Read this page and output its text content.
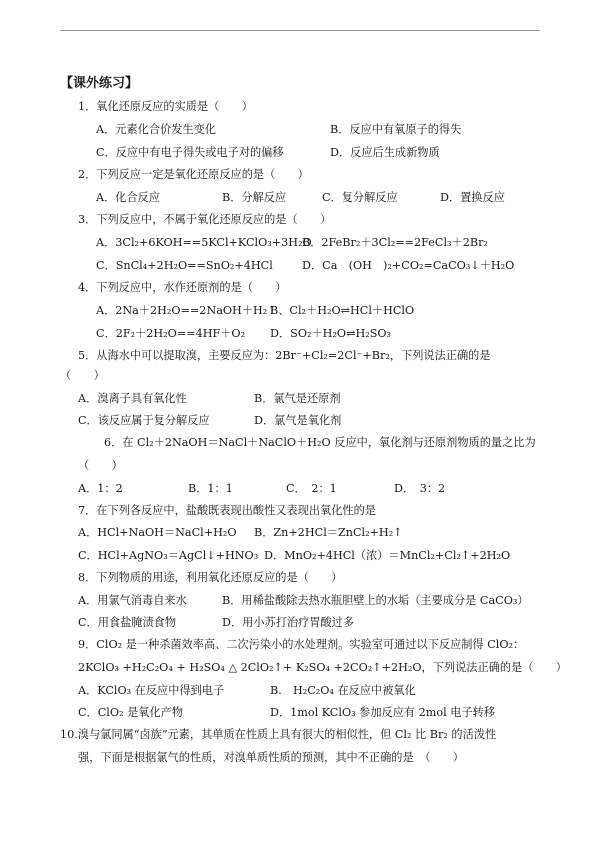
【课外练习】
1．氧化还原反应的实质是（　　）
A．元素化合价发生变化	B．反应中有氧原子的得失
C．反应中有电子得失或电子对的偏移	D．反应后生成新物质
2．下列反应一定是氧化还原反应的是（　　）
A．化合反应	B．分解反应	C．复分解反应	D．置换反应
3．下列反应中，不属于氧化还原反应的是（　　）
A．3Cl₂+6KOH==5KCl+KClO₃+3H₂O
B．2FeBr₂＋3Cl₂==2FeCl₃＋2Br₂
C．SnCl₄+2H₂O==SnO₂+4HCl	D．Ca　(OH　)₂+CO₂=CaCO₃↓＋H₂O
4．下列反应中，水作还原剂的是（　　）
A．2Na＋2H₂O==2NaOH＋H₂↑
B、Cl₂＋H₂O⇌HCl＋HClO
C．2F₂＋2H₂O==4HF＋O₂ D．SO₂＋H₂O⇌H₂SO₃
5．从海水中可以提取溴，主要反应为：2Br⁻+Cl₂=2Cl⁻+Br₂，下列说法正确的是
（　　）
A．溴离子具有氧化性	B．氯气是还原剂
C．该反应属于复分解反应	D．氯气是氧化剂
6．在 Cl₂＋2NaOH＝NaCl＋NaClO＋H₂O 反应中，氧化剂与还原剂物质的量之比为
（　　）
A．1：2	B．1：1	C．　2：1	D．　3：2
7．在下列各反应中，盐酸既表现出酸性又表现出氧化性的是
A．HCl+NaOH＝NaCl+H₂O B．Zn+2HCl＝ZnCl₂+H₂↑
C．HCl+AgNO₃＝AgCl↓+HNO₃ D．MnO₂+4HCl（浓）＝MnCl₂+Cl₂↑+2H₂O
8．下列物质的用途，利用氧化还原反应的是（　　）
A．用氯气消毒自来水	B．用稀盐酸除去热水瓶胆壁上的水垢（主要成分是 CaCO₃）
C．用食盐腌渍食物	D．用小苏打治疗胃酸过多
9．ClO₂ 是一种杀菌效率高、二次污染小的水处理剂。实验室可通过以下反应制得 ClO₂：
2KClO₃ +H₂C₂O₄ + H₂SO₄ △ 2ClO₂↑+ K₂SO₄ +2CO₂↑+2H₂O，下列说法正确的是（　　）
A．KClO₃ 在反应中得到电子	B.　H₂C₂O₄ 在反应中被氧化
C．ClO₂ 是氧化产物	D．1mol KClO₃ 参加反应有 2mol 电子转移
10.溴与氯同属“卤族”元素，其单质在性质上具有很大的相似性，但 Cl₂ 比 Br₂ 的活泼性
强，下面是根据氯气的性质，对溴单质性质的预测，其中不正确的是　（　　）
